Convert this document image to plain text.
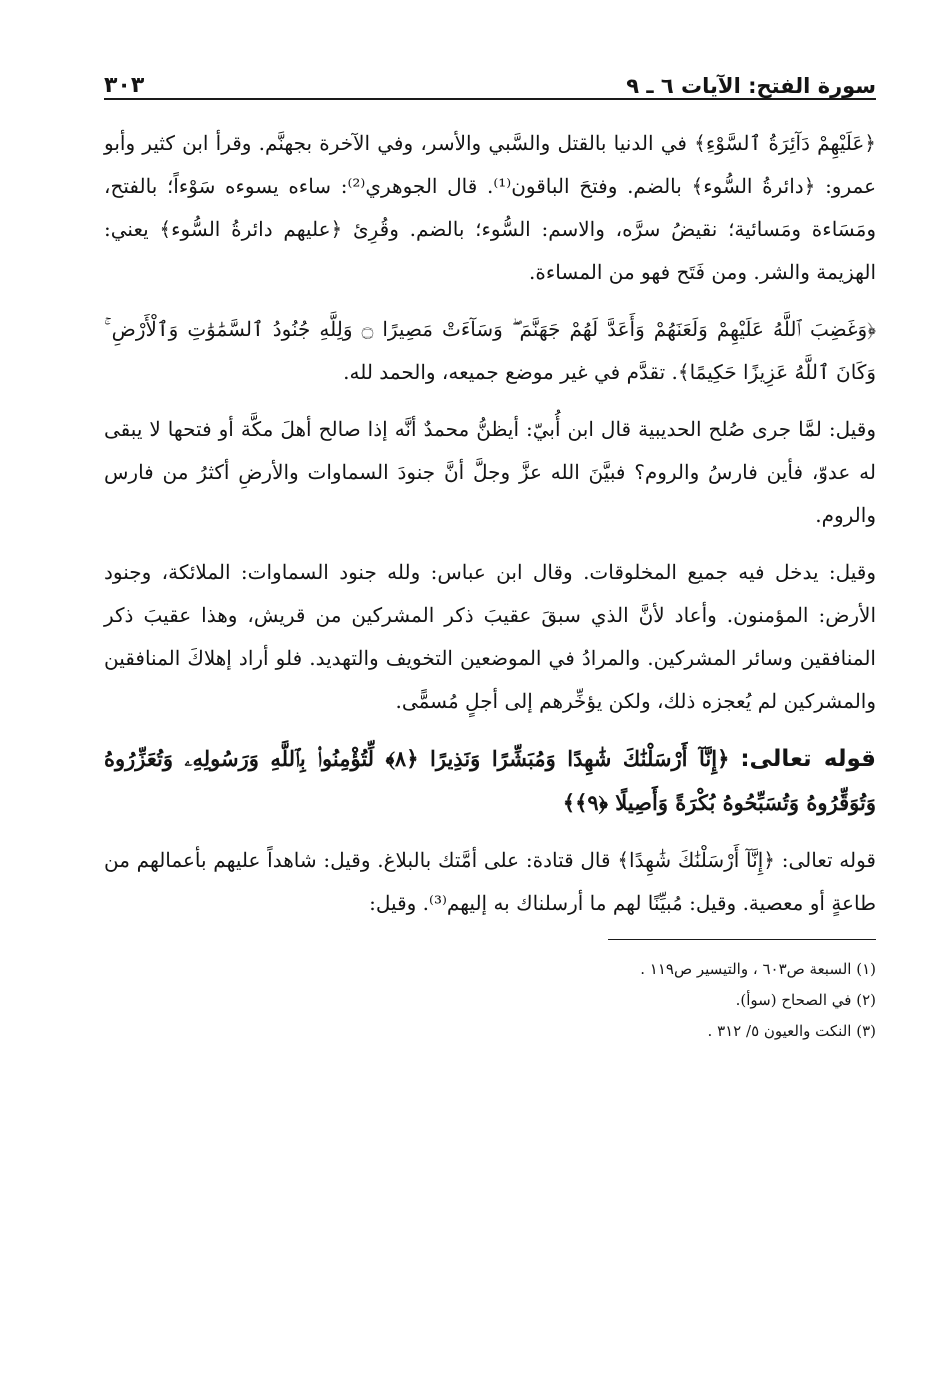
سورة الفتح: الآيات ٦ ـ ٩
٣٠٣

﴿عَلَيْهِمْ دَآئِرَةُ ٱلسَّوْءِ﴾ في الدنيا بالقتل والسَّبي والأسر، وفي الآخرة بجهنَّم. وقرأ ابن كثير وأبو عمرو: ﴿دائرةُ السُّوء﴾ بالضم. وفتحَ الباقون⁽¹⁾. قال الجوهري⁽²⁾: ساءه يسوءه سَوْءاً؛ بالفتح، ومَسَاءة ومَسائية؛ نقيضُ سرَّه، والاسم: السُّوء؛ بالضم. وقُرِئ ﴿عليهم دائرةُ السُّوء﴾ يعني: الهزيمة والشر. ومن فَتَح فهو من المساءة.

﴿وَغَضِبَ ٱللَّهُ عَلَيْهِمْ وَلَعَنَهُمْ وَأَعَدَّ لَهُمْ جَهَنَّمَ ۖ وَسَآءَتْ مَصِيرًا ۝ وَلِلَّهِ جُنُودُ ٱلسَّمَٰوَٰتِ وَٱلْأَرْضِ ۚ وَكَانَ ٱللَّهُ عَزِيزًا حَكِيمًا﴾. تقدَّم في غير موضع جميعه، والحمد لله.

وقيل: لمَّا جرى صُلح الحديبية قال ابن أُبيّ: أيظنُّ محمدٌ أنَّه إذا صالح أهلَ مكَّة أو فتحها لا يبقى له عدوّ، فأين فارسُ والروم؟ فبيَّنَ الله عزَّ وجلَّ أنَّ جنودَ السماوات والأرضِ أكثرُ من فارس والروم.

وقيل: يدخل فيه جميع المخلوقات. وقال ابن عباس: ولله جنود السماوات: الملائكة، وجنود الأرض: المؤمنون. وأعاد لأنَّ الذي سبقَ عقيبَ ذكر المشركين من قريش، وهذا عقيبَ ذكر المنافقين وسائر المشركين. والمرادُ في الموضعين التخويف والتهديد. فلو أراد إهلاكَ المنافقين والمشركين لم يُعجزه ذلك، ولكن يؤخِّرهم إلى أجلٍ مُسمًّى.

قوله تعالى: ﴿إِنَّآ أَرْسَلْنَٰكَ شَٰهِدًا وَمُبَشِّرًا وَنَذِيرًا ﴿٨﴾ لِّتُؤْمِنُوا۟ بِٱللَّهِ وَرَسُولِهِۦ وَتُعَزِّرُوهُ وَتُوَقِّرُوهُ وَتُسَبِّحُوهُ بُكْرَةً وَأَصِيلًا ﴿٩﴾﴾

قوله تعالى: ﴿إِنَّآ أَرْسَلْنَٰكَ شَٰهِدًا﴾ قال قتادة: على أمَّتك بالبلاغ. وقيل: شاهداً عليهم بأعمالهم من طاعةٍ أو معصية. وقيل: مُبيِّنًا لهم ما أرسلناك به إليهم⁽³⁾. وقيل:

(١) السبعة ص٦٠٣ ، والتيسير ص١١٩ .
(٢) في الصحاح (سوأ).
(٣) النكت والعيون ٥/ ٣١٢ .
